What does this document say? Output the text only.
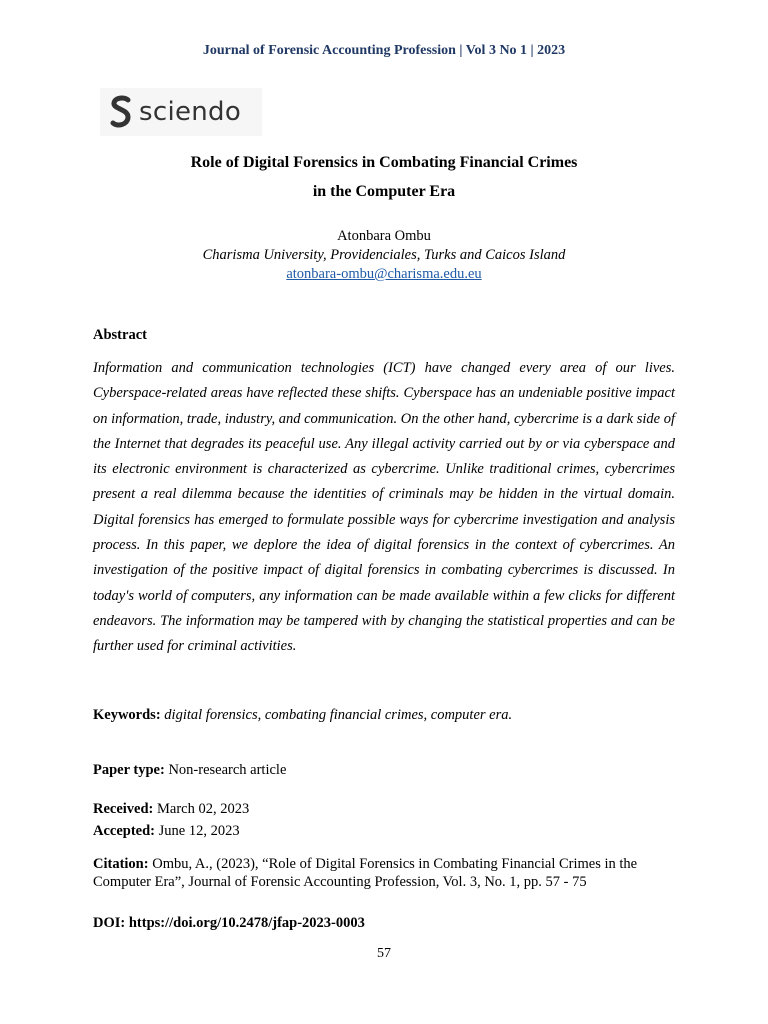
Journal of Forensic Accounting Profession | Vol 3 No 1 | 2023
sciendo
Role of Digital Forensics in Combating Financial Crimes
in the Computer Era
Atonbara Ombu
Charisma University, Providenciales, Turks and Caicos Island
atonbara-ombu@charisma.edu.eu
Abstract

Information and communication technologies (ICT) have changed every area of our lives. Cyberspace-related areas have reflected these shifts. Cyberspace has an undeniable positive impact on information, trade, industry, and communication. On the other hand, cybercrime is a dark side of the Internet that degrades its peaceful use. Any illegal activity carried out by or via cyberspace and its electronic environment is characterized as cybercrime. Unlike traditional crimes, cybercrimes present a real dilemma because the identities of criminals may be hidden in the virtual domain. Digital forensics has emerged to formulate possible ways for cybercrime investigation and analysis process. In this paper, we deplore the idea of digital forensics in the context of cybercrimes. An investigation of the positive impact of digital forensics in combating cybercrimes is discussed. In today's world of computers, any information can be made available within a few clicks for different endeavors. The information may be tampered with by changing the statistical properties and can be further used for criminal activities.

Keywords: digital forensics, combating financial crimes, computer era.
Paper type: Non-research article
Received: March 02, 2023
Accepted: June 12, 2023
Citation: Ombu, A., (2023), “Role of Digital Forensics in Combating Financial Crimes in the Computer Era”, Journal of Forensic Accounting Profession, Vol. 3, No. 1, pp. 57 - 75
DOI: https://doi.org/10.2478/jfap-2023-0003
57
